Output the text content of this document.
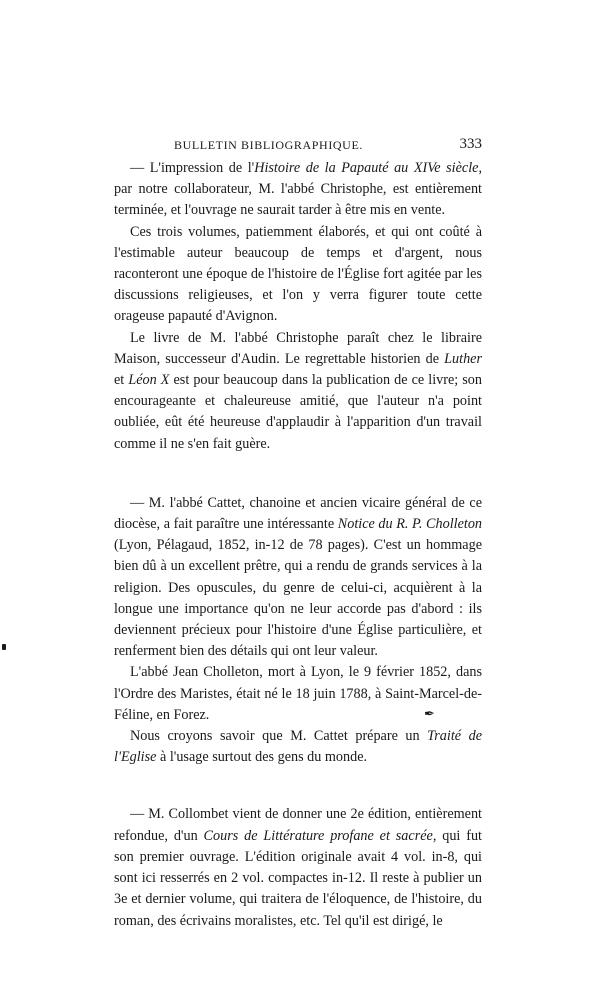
BULLETIN BIBLIOGRAPHIQUE.	333

— L'impression de l'Histoire de la Papauté au XIVe siècle, par notre collaborateur, M. l'abbé Christophe, est entièrement terminée, et l'ouvrage ne saurait tarder à être mis en vente.

Ces trois volumes, patiemment élaborés, et qui ont coûté à l'estimable auteur beaucoup de temps et d'argent, nous raconteront une époque de l'histoire de l'Église fort agitée par les discussions religieuses, et l'on y verra figurer toute cette orageuse papauté d'Avignon.

Le livre de M. l'abbé Christophe paraît chez le libraire Maison, successeur d'Audin. Le regrettable historien de Luther et Léon X est pour beaucoup dans la publication de ce livre; son encourageante et chaleureuse amitié, que l'auteur n'a point oubliée, eût été heureuse d'applaudir à l'apparition d'un travail comme il ne s'en fait guère.

— M. l'abbé Cattet, chanoine et ancien vicaire général de ce diocèse, a fait paraître une intéressante Notice du R. P. Cholleton (Lyon, Pélagaud, 1852, in-12 de 78 pages). C'est un hommage bien dû à un excellent prêtre, qui a rendu de grands services à la religion. Des opuscules, du genre de celui-ci, acquièrent à la longue une importance qu'on ne leur accorde pas d'abord : ils deviennent précieux pour l'histoire d'une Église particulière, et renferment bien des détails qui ont leur valeur.

L'abbé Jean Cholleton, mort à Lyon, le 9 février 1852, dans l'Ordre des Maristes, était né le 18 juin 1788, à Saint-Marcel-de-Féline, en Forez.

Nous croyons savoir que M. Cattet prépare un Traité de l'Eglise à l'usage surtout des gens du monde.

— M. Collombet vient de donner une 2e édition, entièrement refondue, d'un Cours de Littérature profane et sacrée, qui fut son premier ouvrage. L'édition originale avait 4 vol. in-8, qui sont ici resserrés en 2 vol. compactes in-12. Il reste à publier un 3e et dernier volume, qui traitera de l'éloquence, de l'histoire, du roman, des écrivains moralistes, etc. Tel qu'il est dirigé, le

✒
